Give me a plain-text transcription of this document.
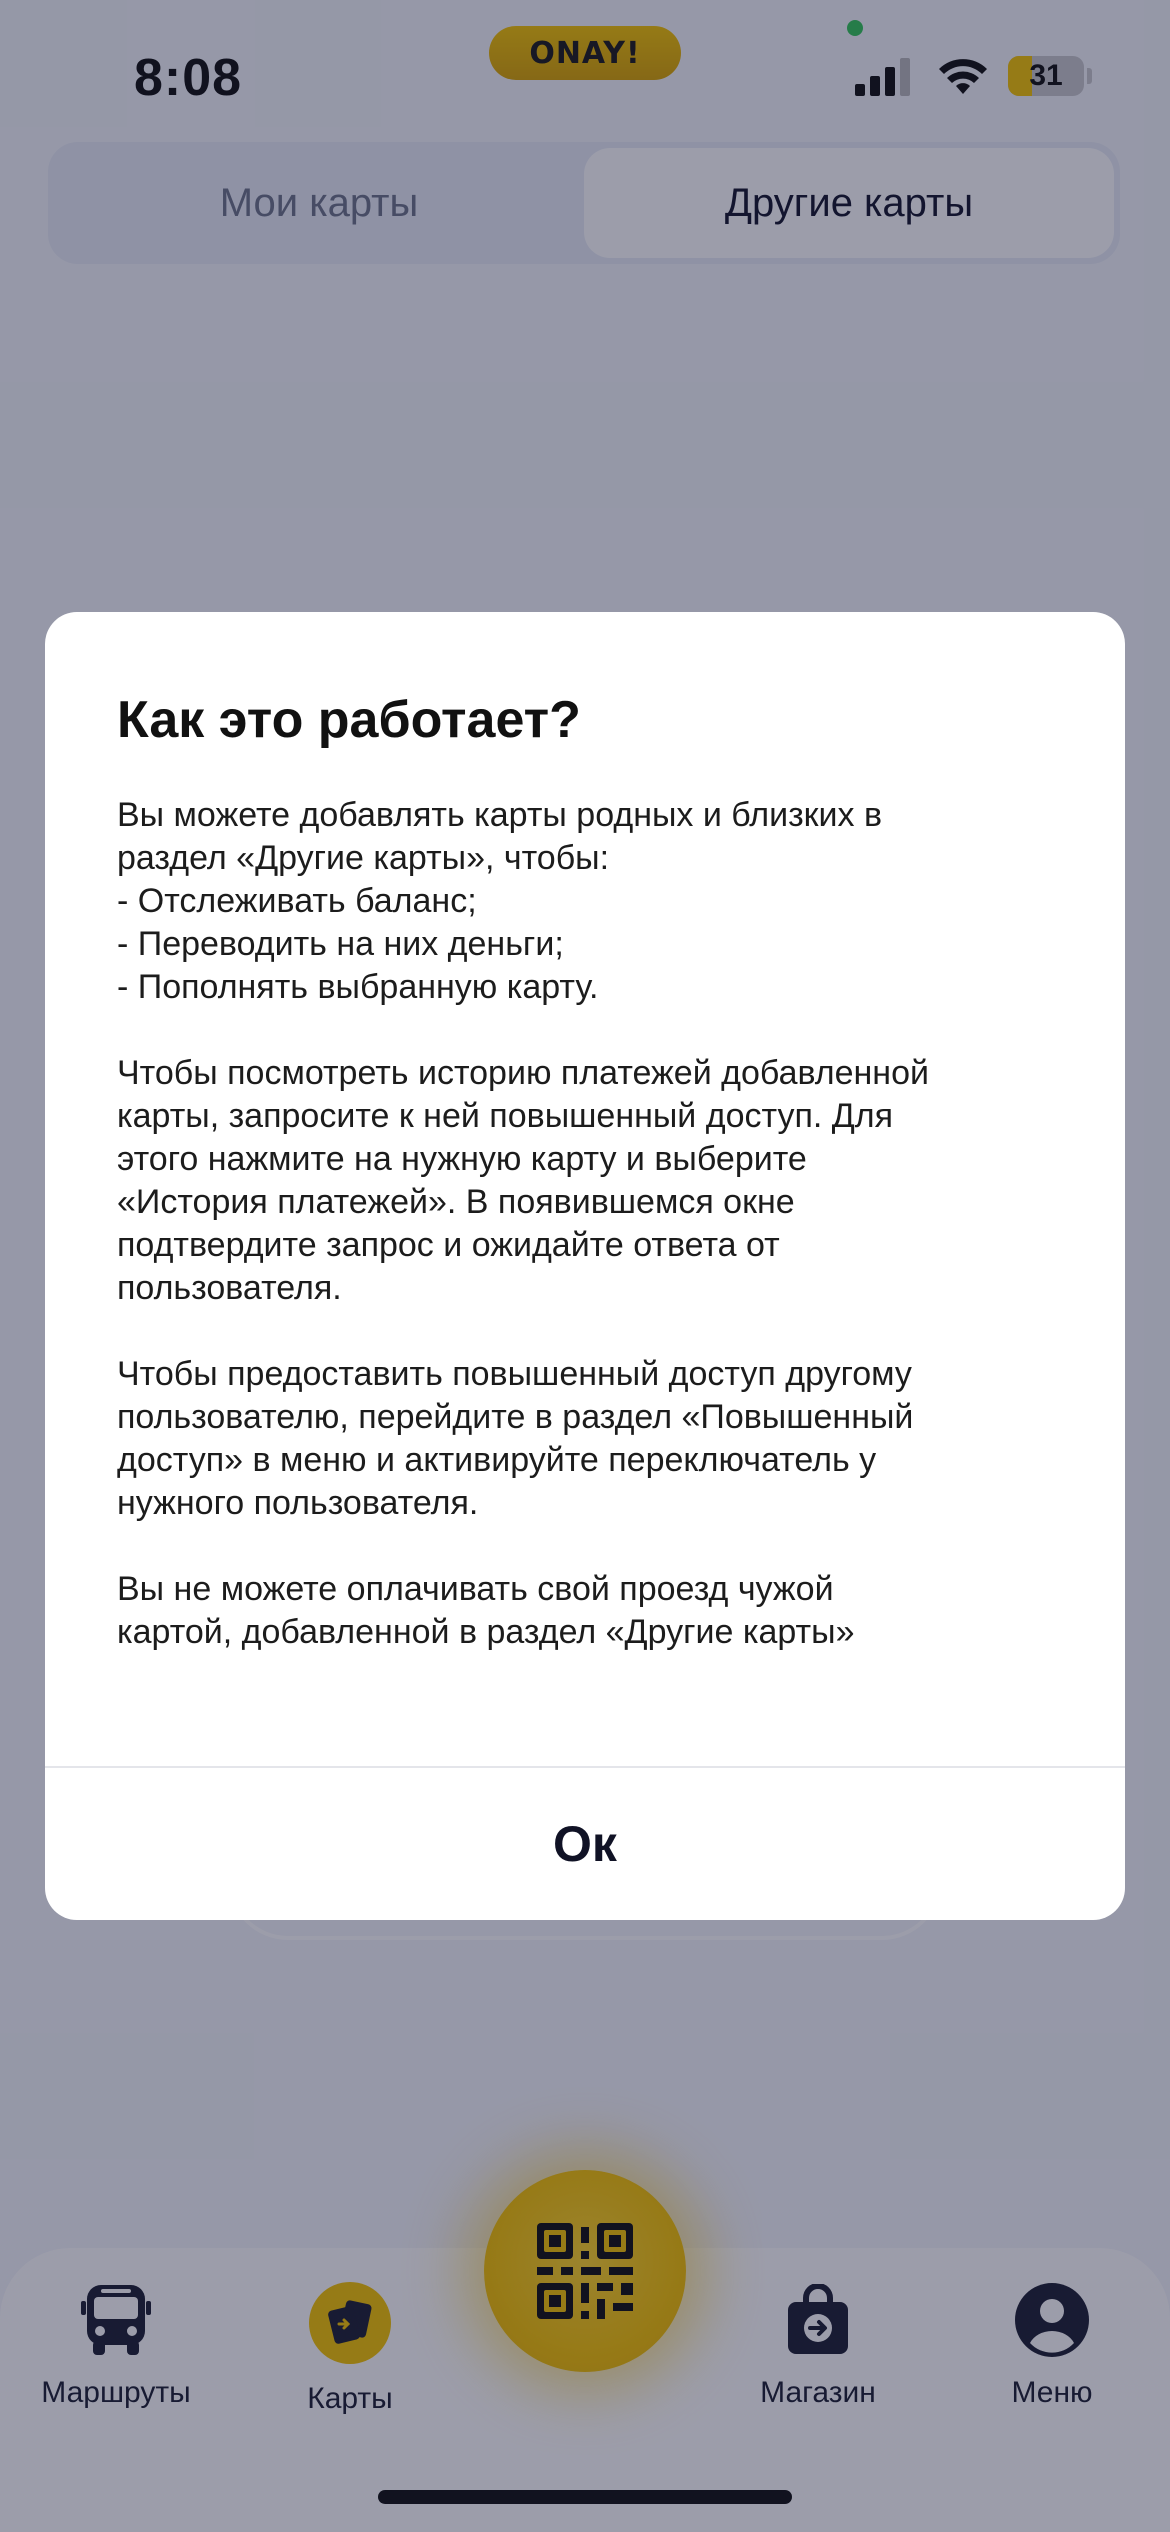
8:08	ONAY!
31
Мои карты	Другие карты
Маршруты	Карты	Магазин	Меню
Как это работает?
Вы можете добавлять карты родных и близких в
раздел «Другие карты», чтобы:
- Отслеживать баланс;
- Переводить на них деньги;
- Пополнять выбранную карту.
Чтобы посмотреть историю платежей добавленной
карты, запросите к ней повышенный доступ. Для
этого нажмите на нужную карту и выберите
«История платежей». В появившемся окне
подтвердите запрос и ожидайте ответа от
пользователя.
Чтобы предоставить повышенный доступ другому
пользователю, перейдите в раздел «Повышенный
доступ» в меню и активируйте переключатель у
нужного пользователя.
Вы не можете оплачивать свой проезд чужой
картой, добавленной в раздел «Другие карты»
Ок
